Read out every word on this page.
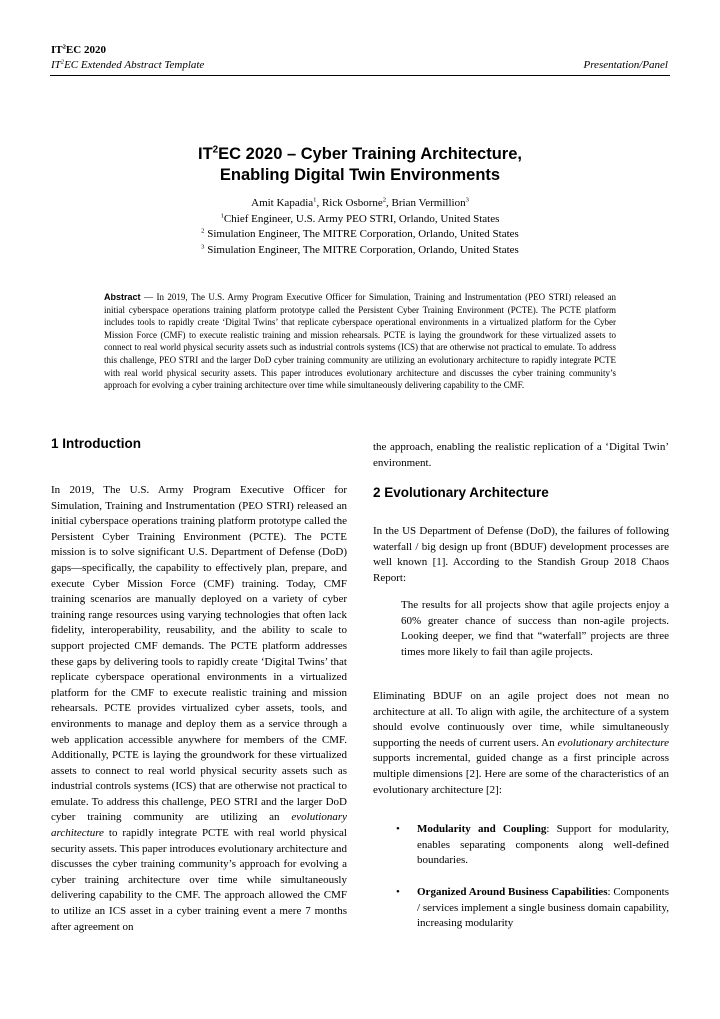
$IT^2EC$ 2020
$IT^2EC$ Extended Abstract Template	Presentation/Panel
$IT^2EC$ 2020 – Cyber Training Architecture,
Enabling Digital Twin Environments
Amit Kapadia$^1$, Rick Osborne$^2$, Brian Vermillion$^3$
$^1$Chief Engineer, U.S. Army PEO STRI, Orlando, United States
$^2$ Simulation Engineer, The MITRE Corporation, Orlando, United States
$^3$ Simulation Engineer, The MITRE Corporation, Orlando, United States
Abstract — In 2019, The U.S. Army Program Executive Officer for Simulation, Training and Instrumentation (PEO STRI) released an initial cyberspace operations training platform prototype called the Persistent Cyber Training Environment (PCTE). The PCTE platform includes tools to rapidly create ‘Digital Twins’ that replicate cyberspace operational environments in a virtualized platform for the Cyber Mission Force (CMF) to execute realistic training and mission rehearsals. PCTE is laying the groundwork for these virtualized assets to connect to real world physical security assets such as industrial controls systems (ICS) that are otherwise not practical to emulate. To address this challenge, PEO STRI and the larger DoD cyber training community are utilizing an evolutionary architecture to rapidly integrate PCTE with real world physical security assets. This paper introduces evolutionary architecture and discusses the cyber training community’s approach for evolving a cyber training architecture over time while simultaneously delivering capability to the CMF.
1 Introduction

In 2019, The U.S. Army Program Executive Officer for Simulation, Training and Instrumentation (PEO STRI) released an initial cyberspace operations training platform prototype called the Persistent Cyber Training Environment (PCTE). The PCTE mission is to solve significant U.S. Department of Defense (DoD) gaps—specifically, the capability to effectively plan, prepare, and execute Cyber Mission Force (CMF) training. Today, CMF training scenarios are manually deployed on a variety of cyber training range resources using varying technologies that often lack fidelity, interoperability, reusability, and the ability to scale to support projected CMF demands. The PCTE platform addresses these gaps by delivering tools to rapidly create ‘Digital Twins’ that replicate cyberspace operational environments in a virtualized platform for the CMF to execute realistic training and mission rehearsals. PCTE provides virtualized cyber assets, tools, and environments to manage and deploy them as a service through a web application accessible anywhere for members of the CMF. Additionally, PCTE is laying the groundwork for these virtualized assets to connect to real world physical security assets such as industrial controls systems (ICS) that are otherwise not practical to emulate. To address this challenge, PEO STRI and the larger DoD cyber training community are utilizing an evolutionary architecture to rapidly integrate PCTE with real world physical security assets. This paper introduces evolutionary architecture and discusses the cyber training community’s approach for evolving a cyber training architecture over time while simultaneously delivering capability to the CMF. The approach allowed the CMF to utilize an ICS asset in a cyber training event a mere 7 months after agreement on

the approach, enabling the realistic replication of a ‘Digital Twin’ environment.

2 Evolutionary Architecture

In the US Department of Defense (DoD), the failures of following waterfall / big design up front (BDUF) development processes are well known [1]. According to the Standish Group 2018 Chaos Report:

The results for all projects show that agile projects enjoy a 60% greater chance of success than non-agile projects. Looking deeper, we find that “waterfall” projects are three times more likely to fail than agile projects.

Eliminating BDUF on an agile project does not mean no architecture at all. To align with agile, the architecture of a system should evolve continuously over time, while simultaneously supporting the needs of current users. An evolutionary architecture supports incremental, guided change as a first principle across multiple dimensions [2]. Here are some of the characteristics of an evolutionary architecture [2]:

• Modularity and Coupling: Support for modularity, enables separating components along well-defined boundaries.
• Organized Around Business Capabilities: Components / services implement a single business domain capability, increasing modularity
